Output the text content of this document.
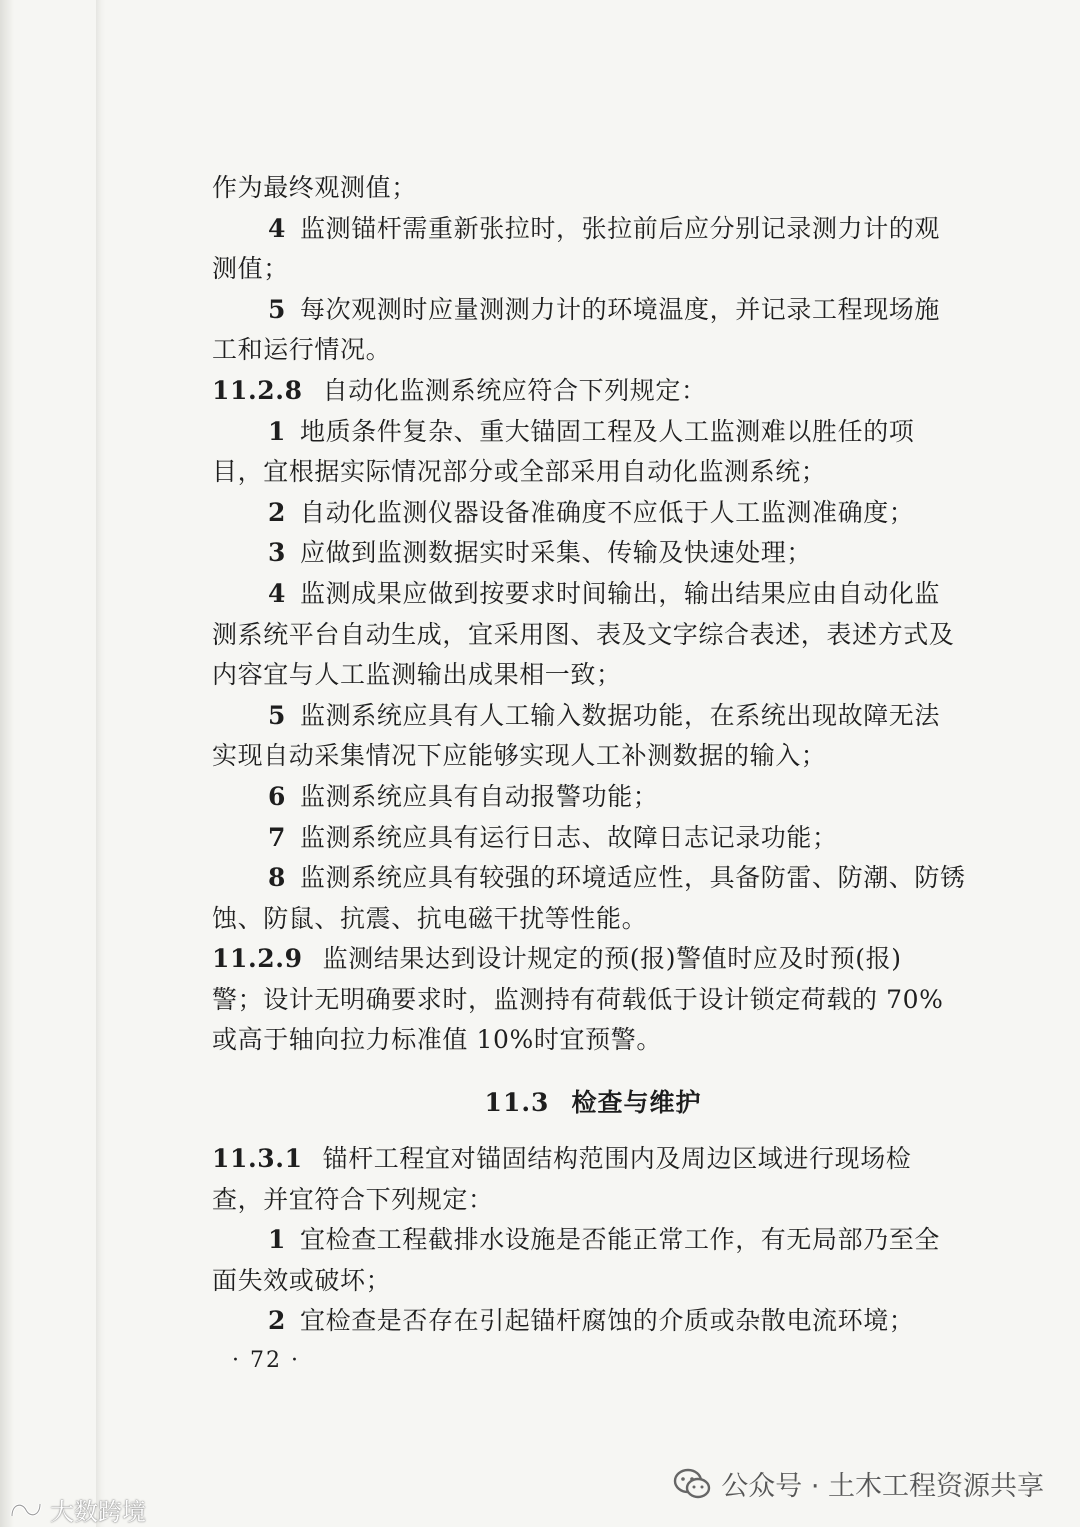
作为最终观测值；
4 监测锚杆需重新张拉时，张拉前后应分别记录测力计的观
测值；
5 每次观测时应量测测力计的环境温度，并记录工程现场施
工和运行情况。
11.2.8 自动化监测系统应符合下列规定：
1 地质条件复杂、重大锚固工程及人工监测难以胜任的项
目，宜根据实际情况部分或全部采用自动化监测系统；
2 自动化监测仪器设备准确度不应低于人工监测准确度；
3 应做到监测数据实时采集、传输及快速处理；
4 监测成果应做到按要求时间输出，输出结果应由自动化监
测系统平台自动生成，宜采用图、表及文字综合表述，表述方式及
内容宜与人工监测输出成果相一致；
5 监测系统应具有人工输入数据功能，在系统出现故障无法
实现自动采集情况下应能够实现人工补测数据的输入；
6 监测系统应具有自动报警功能；
7 监测系统应具有运行日志、故障日志记录功能；
8 监测系统应具有较强的环境适应性，具备防雷、防潮、防锈
蚀、防鼠、抗震、抗电磁干扰等性能。
11.2.9 监测结果达到设计规定的预(报)警值时应及时预(报)
警；设计无明确要求时，监测持有荷载低于设计锁定荷载的 70%
或高于轴向拉力标准值 10%时宜预警。
11.3 检查与维护
11.3.1 锚杆工程宜对锚固结构范围内及周边区域进行现场检
查，并宜符合下列规定：
1 宜检查工程截排水设施是否能正常工作，有无局部乃至全
面失效或破坏；
2 宜检查是否存在引起锚杆腐蚀的介质或杂散电流环境；
· 72 ·
公众号 · 土木工程资源共享
大数跨境
